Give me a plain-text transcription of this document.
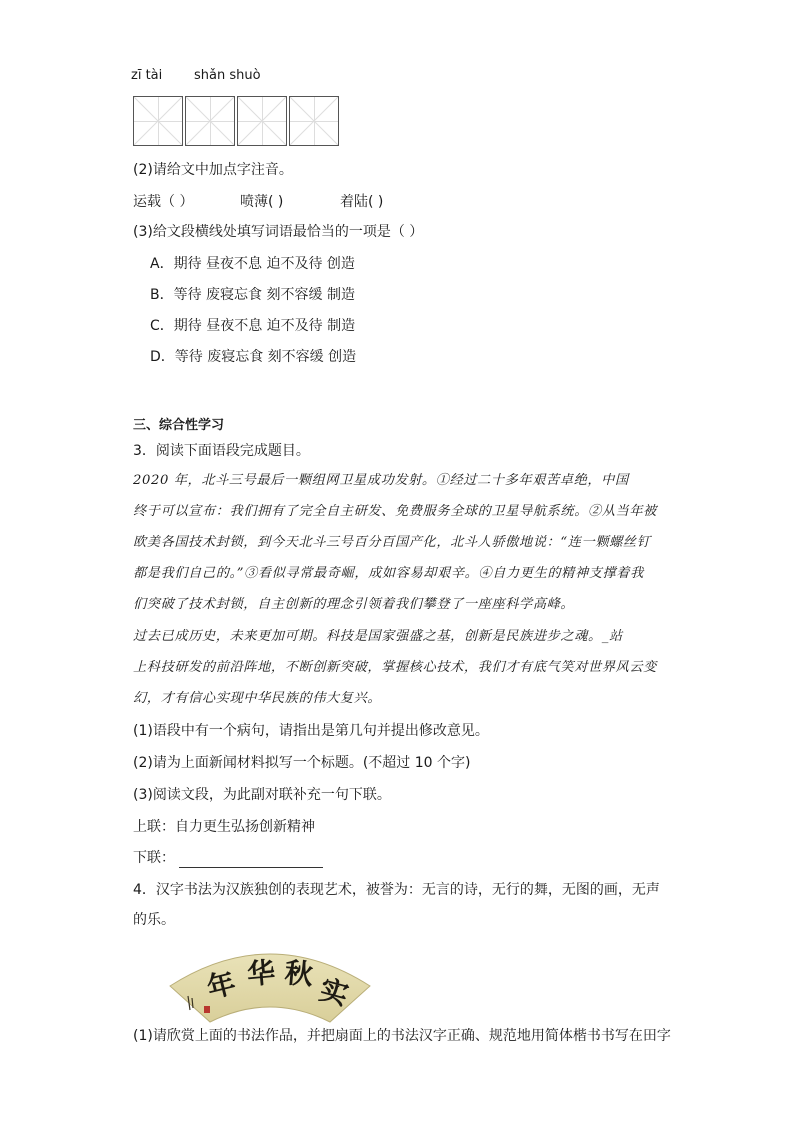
zī tài shǎn shuò
(2)请给文中加点字注音。
运载（ ）	喷薄( )	着陆( )
(3)给文段横线处填写词语最恰当的一项是（ ）
A．期待 昼夜不息 迫不及待 创造
B．等待 废寝忘食 刻不容缓 制造
C．期待 昼夜不息 迫不及待 制造
D．等待 废寝忘食 刻不容缓 创造
三、综合性学习
3．阅读下面语段完成题目。
2020 年，北斗三号最后一颗组网卫星成功发射。①经过二十多年艰苦卓绝，中国
终于可以宣布：我们拥有了完全自主研发、免费服务全球的卫星导航系统。②从当年被
欧美各国技术封锁，到今天北斗三号百分百国产化，北斗人骄傲地说：“连一颗螺丝钉
都是我们自己的。”③看似寻常最奇崛，成如容易却艰辛。④自力更生的精神支撑着我
们突破了技术封锁，自主创新的理念引领着我们攀登了一座座科学高峰。
过去已成历史，未来更加可期。科技是国家强盛之基，创新是民族进步之魂。_站
上科技研发的前沿阵地，不断创新突破，掌握核心技术，我们才有底气笑对世界风云变
幻，才有信心实现中华民族的伟大复兴。
(1)语段中有一个病句，请指出是第几句并提出修改意见。
(2)请为上面新闻材料拟写一个标题。(不超过 10 个字)
(3)阅读文段，为此副对联补充一句下联。
上联：自力更生弘扬创新精神
下联：
4．汉字书法为汉族独创的表现艺术，被誉为：无言的诗，无行的舞，无图的画，无声
的乐。
年 华 秋 实
(1)请欣赏上面的书法作品，并把扇面上的书法汉字正确、规范地用简体楷书书写在田字
